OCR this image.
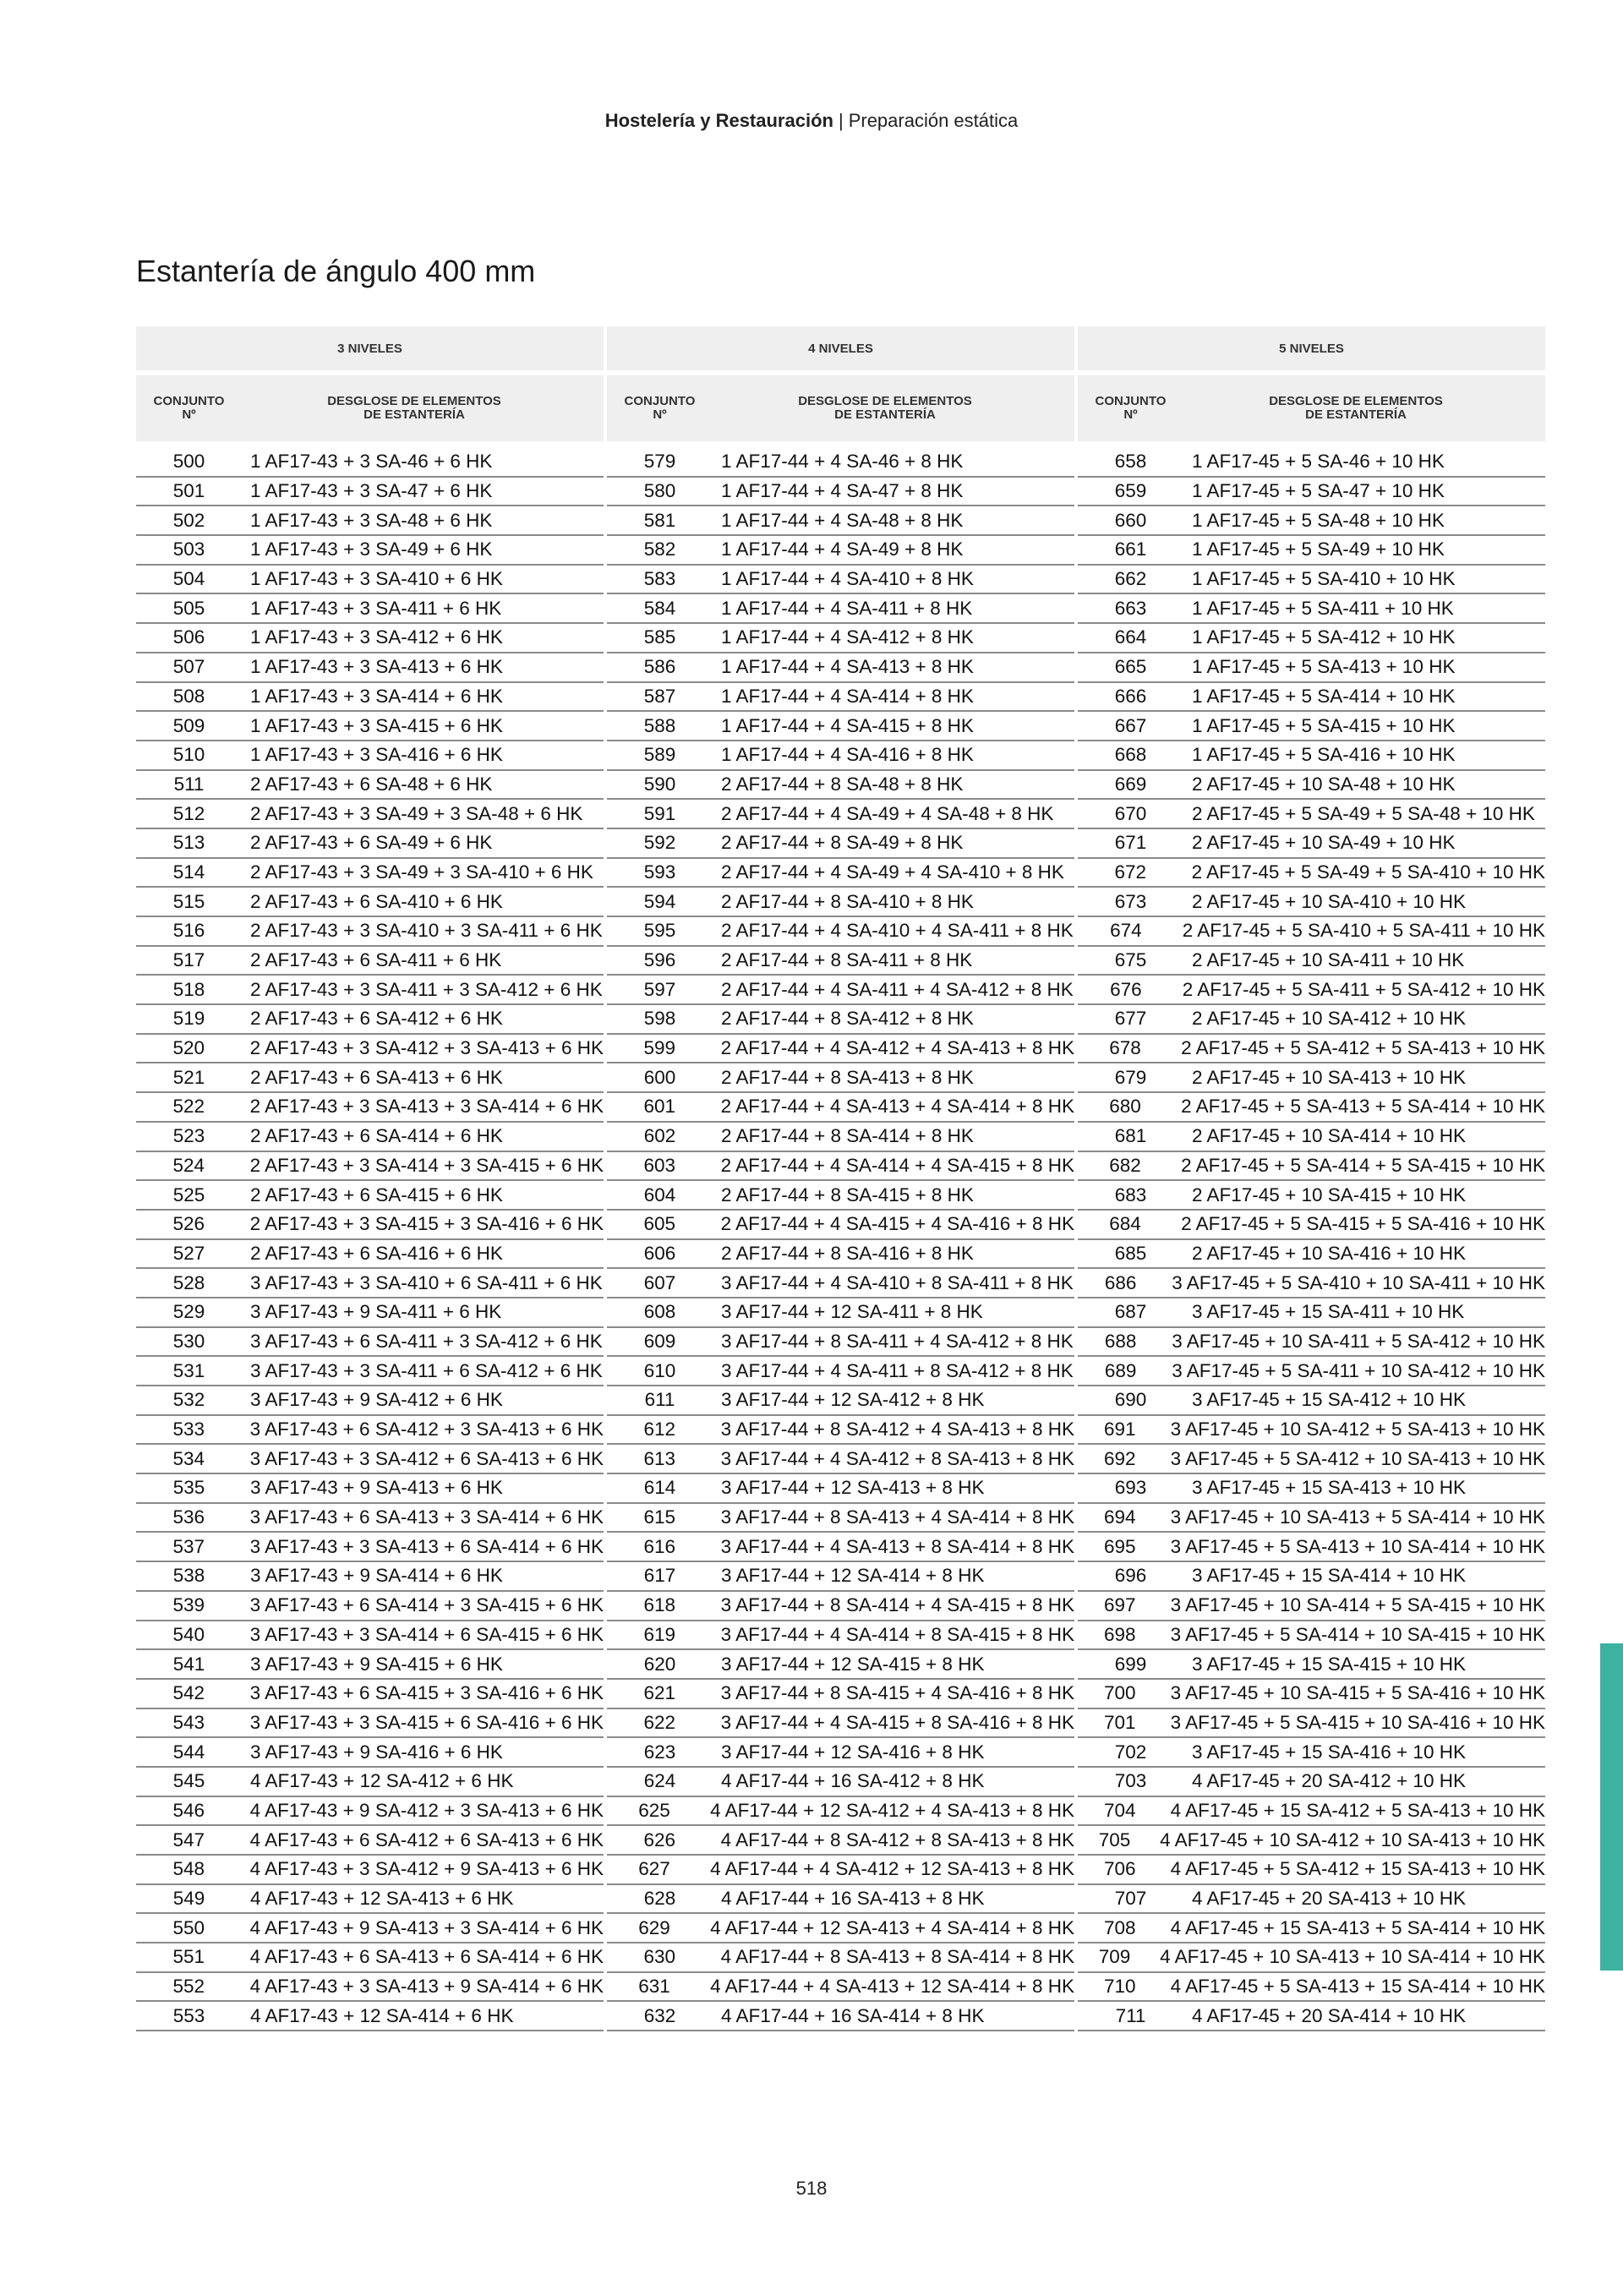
Hostelería y Restauración | Preparación estática
Estantería de ángulo 400 mm
3 NIVELES
CONJUNTO
Nº
DESGLOSE DE ELEMENTOS
DE ESTANTERÍA
500	1 AF17-43 + 3 SA-46 + 6 HK
501	1 AF17-43 + 3 SA-47 + 6 HK
502	1 AF17-43 + 3 SA-48 + 6 HK
503	1 AF17-43 + 3 SA-49 + 6 HK
504	1 AF17-43 + 3 SA-410 + 6 HK
505	1 AF17-43 + 3 SA-411 + 6 HK
506	1 AF17-43 + 3 SA-412 + 6 HK
507	1 AF17-43 + 3 SA-413 + 6 HK
508	1 AF17-43 + 3 SA-414 + 6 HK
509	1 AF17-43 + 3 SA-415 + 6 HK
510	1 AF17-43 + 3 SA-416 + 6 HK
511	2 AF17-43 + 6 SA-48 + 6 HK
512	2 AF17-43 + 3 SA-49 + 3 SA-48 + 6 HK
513	2 AF17-43 + 6 SA-49 + 6 HK
514	2 AF17-43 + 3 SA-49 + 3 SA-410 + 6 HK
515	2 AF17-43 + 6 SA-410 + 6 HK
516	2 AF17-43 + 3 SA-410 + 3 SA-411 + 6 HK
517	2 AF17-43 + 6 SA-411 + 6 HK
518	2 AF17-43 + 3 SA-411 + 3 SA-412 + 6 HK
519	2 AF17-43 + 6 SA-412 + 6 HK
520	2 AF17-43 + 3 SA-412 + 3 SA-413 + 6 HK
521	2 AF17-43 + 6 SA-413 + 6 HK
522	2 AF17-43 + 3 SA-413 + 3 SA-414 + 6 HK
523	2 AF17-43 + 6 SA-414 + 6 HK
524	2 AF17-43 + 3 SA-414 + 3 SA-415 + 6 HK
525	2 AF17-43 + 6 SA-415 + 6 HK
526	2 AF17-43 + 3 SA-415 + 3 SA-416 + 6 HK
527	2 AF17-43 + 6 SA-416 + 6 HK
528	3 AF17-43 + 3 SA-410 + 6 SA-411 + 6 HK
529	3 AF17-43 + 9 SA-411 + 6 HK
530	3 AF17-43 + 6 SA-411 + 3 SA-412 + 6 HK
531	3 AF17-43 + 3 SA-411 + 6 SA-412 + 6 HK
532	3 AF17-43 + 9 SA-412 + 6 HK
533	3 AF17-43 + 6 SA-412 + 3 SA-413 + 6 HK
534	3 AF17-43 + 3 SA-412 + 6 SA-413 + 6 HK
535	3 AF17-43 + 9 SA-413 + 6 HK
536	3 AF17-43 + 6 SA-413 + 3 SA-414 + 6 HK
537	3 AF17-43 + 3 SA-413 + 6 SA-414 + 6 HK
538	3 AF17-43 + 9 SA-414 + 6 HK
539	3 AF17-43 + 6 SA-414 + 3 SA-415 + 6 HK
540	3 AF17-43 + 3 SA-414 + 6 SA-415 + 6 HK
541	3 AF17-43 + 9 SA-415 + 6 HK
542	3 AF17-43 + 6 SA-415 + 3 SA-416 + 6 HK
543	3 AF17-43 + 3 SA-415 + 6 SA-416 + 6 HK
544	3 AF17-43 + 9 SA-416 + 6 HK
545	4 AF17-43 + 12 SA-412 + 6 HK
546	4 AF17-43 + 9 SA-412 + 3 SA-413 + 6 HK
547	4 AF17-43 + 6 SA-412 + 6 SA-413 + 6 HK
548	4 AF17-43 + 3 SA-412 + 9 SA-413 + 6 HK
549	4 AF17-43 + 12 SA-413 + 6 HK
550	4 AF17-43 + 9 SA-413 + 3 SA-414 + 6 HK
551	4 AF17-43 + 6 SA-413 + 6 SA-414 + 6 HK
552	4 AF17-43 + 3 SA-413 + 9 SA-414 + 6 HK
553	4 AF17-43 + 12 SA-414 + 6 HK
4 NIVELES
CONJUNTO
Nº
DESGLOSE DE ELEMENTOS
DE ESTANTERÍA
579	1 AF17-44 + 4 SA-46 + 8 HK
580	1 AF17-44 + 4 SA-47 + 8 HK
581	1 AF17-44 + 4 SA-48 + 8 HK
582	1 AF17-44 + 4 SA-49 + 8 HK
583	1 AF17-44 + 4 SA-410 + 8 HK
584	1 AF17-44 + 4 SA-411 + 8 HK
585	1 AF17-44 + 4 SA-412 + 8 HK
586	1 AF17-44 + 4 SA-413 + 8 HK
587	1 AF17-44 + 4 SA-414 + 8 HK
588	1 AF17-44 + 4 SA-415 + 8 HK
589	1 AF17-44 + 4 SA-416 + 8 HK
590	2 AF17-44 + 8 SA-48 + 8 HK
591	2 AF17-44 + 4 SA-49 + 4 SA-48 + 8 HK
592	2 AF17-44 + 8 SA-49 + 8 HK
593	2 AF17-44 + 4 SA-49 + 4 SA-410 + 8 HK
594	2 AF17-44 + 8 SA-410 + 8 HK
595	2 AF17-44 + 4 SA-410 + 4 SA-411 + 8 HK
596	2 AF17-44 + 8 SA-411 + 8 HK
597	2 AF17-44 + 4 SA-411 + 4 SA-412 + 8 HK
598	2 AF17-44 + 8 SA-412 + 8 HK
599	2 AF17-44 + 4 SA-412 + 4 SA-413 + 8 HK
600	2 AF17-44 + 8 SA-413 + 8 HK
601	2 AF17-44 + 4 SA-413 + 4 SA-414 + 8 HK
602	2 AF17-44 + 8 SA-414 + 8 HK
603	2 AF17-44 + 4 SA-414 + 4 SA-415 + 8 HK
604	2 AF17-44 + 8 SA-415 + 8 HK
605	2 AF17-44 + 4 SA-415 + 4 SA-416 + 8 HK
606	2 AF17-44 + 8 SA-416 + 8 HK
607	3 AF17-44 + 4 SA-410 + 8 SA-411 + 8 HK
608	3 AF17-44 + 12 SA-411 + 8 HK
609	3 AF17-44 + 8 SA-411 + 4 SA-412 + 8 HK
610	3 AF17-44 + 4 SA-411 + 8 SA-412 + 8 HK
611	3 AF17-44 + 12 SA-412 + 8 HK
612	3 AF17-44 + 8 SA-412 + 4 SA-413 + 8 HK
613	3 AF17-44 + 4 SA-412 + 8 SA-413 + 8 HK
614	3 AF17-44 + 12 SA-413 + 8 HK
615	3 AF17-44 + 8 SA-413 + 4 SA-414 + 8 HK
616	3 AF17-44 + 4 SA-413 + 8 SA-414 + 8 HK
617	3 AF17-44 + 12 SA-414 + 8 HK
618	3 AF17-44 + 8 SA-414 + 4 SA-415 + 8 HK
619	3 AF17-44 + 4 SA-414 + 8 SA-415 + 8 HK
620	3 AF17-44 + 12 SA-415 + 8 HK
621	3 AF17-44 + 8 SA-415 + 4 SA-416 + 8 HK
622	3 AF17-44 + 4 SA-415 + 8 SA-416 + 8 HK
623	3 AF17-44 + 12 SA-416 + 8 HK
624	4 AF17-44 + 16 SA-412 + 8 HK
625	4 AF17-44 + 12 SA-412 + 4 SA-413 + 8 HK
626	4 AF17-44 + 8 SA-412 + 8 SA-413 + 8 HK
627	4 AF17-44 + 4 SA-412 + 12 SA-413 + 8 HK
628	4 AF17-44 + 16 SA-413 + 8 HK
629	4 AF17-44 + 12 SA-413 + 4 SA-414 + 8 HK
630	4 AF17-44 + 8 SA-413 + 8 SA-414 + 8 HK
631	4 AF17-44 + 4 SA-413 + 12 SA-414 + 8 HK
632	4 AF17-44 + 16 SA-414 + 8 HK
5 NIVELES
CONJUNTO
Nº
DESGLOSE DE ELEMENTOS
DE ESTANTERÍA
658	1 AF17-45 + 5 SA-46 + 10 HK
659	1 AF17-45 + 5 SA-47 + 10 HK
660	1 AF17-45 + 5 SA-48 + 10 HK
661	1 AF17-45 + 5 SA-49 + 10 HK
662	1 AF17-45 + 5 SA-410 + 10 HK
663	1 AF17-45 + 5 SA-411 + 10 HK
664	1 AF17-45 + 5 SA-412 + 10 HK
665	1 AF17-45 + 5 SA-413 + 10 HK
666	1 AF17-45 + 5 SA-414 + 10 HK
667	1 AF17-45 + 5 SA-415 + 10 HK
668	1 AF17-45 + 5 SA-416 + 10 HK
669	2 AF17-45 + 10 SA-48 + 10 HK
670	2 AF17-45 + 5 SA-49 + 5 SA-48 + 10 HK
671	2 AF17-45 + 10 SA-49 + 10 HK
672	2 AF17-45 + 5 SA-49 + 5 SA-410 + 10 HK
673	2 AF17-45 + 10 SA-410 + 10 HK
674	2 AF17-45 + 5 SA-410 + 5 SA-411 + 10 HK
675	2 AF17-45 + 10 SA-411 + 10 HK
676	2 AF17-45 + 5 SA-411 + 5 SA-412 + 10 HK
677	2 AF17-45 + 10 SA-412 + 10 HK
678	2 AF17-45 + 5 SA-412 + 5 SA-413 + 10 HK
679	2 AF17-45 + 10 SA-413 + 10 HK
680	2 AF17-45 + 5 SA-413 + 5 SA-414 + 10 HK
681	2 AF17-45 + 10 SA-414 + 10 HK
682	2 AF17-45 + 5 SA-414 + 5 SA-415 + 10 HK
683	2 AF17-45 + 10 SA-415 + 10 HK
684	2 AF17-45 + 5 SA-415 + 5 SA-416 + 10 HK
685	2 AF17-45 + 10 SA-416 + 10 HK
686	3 AF17-45 + 5 SA-410 + 10 SA-411 + 10 HK
687	3 AF17-45 + 15 SA-411 + 10 HK
688	3 AF17-45 + 10 SA-411 + 5 SA-412 + 10 HK
689	3 AF17-45 + 5 SA-411 + 10 SA-412 + 10 HK
690	3 AF17-45 + 15 SA-412 + 10 HK
691	3 AF17-45 + 10 SA-412 + 5 SA-413 + 10 HK
692	3 AF17-45 + 5 SA-412 + 10 SA-413 + 10 HK
693	3 AF17-45 + 15 SA-413 + 10 HK
694	3 AF17-45 + 10 SA-413 + 5 SA-414 + 10 HK
695	3 AF17-45 + 5 SA-413 + 10 SA-414 + 10 HK
696	3 AF17-45 + 15 SA-414 + 10 HK
697	3 AF17-45 + 10 SA-414 + 5 SA-415 + 10 HK
698	3 AF17-45 + 5 SA-414 + 10 SA-415 + 10 HK
699	3 AF17-45 + 15 SA-415 + 10 HK
700	3 AF17-45 + 10 SA-415 + 5 SA-416 + 10 HK
701	3 AF17-45 + 5 SA-415 + 10 SA-416 + 10 HK
702	3 AF17-45 + 15 SA-416 + 10 HK
703	4 AF17-45 + 20 SA-412 + 10 HK
704	4 AF17-45 + 15 SA-412 + 5 SA-413 + 10 HK
705	4 AF17-45 + 10 SA-412 + 10 SA-413 + 10 HK
706	4 AF17-45 + 5 SA-412 + 15 SA-413 + 10 HK
707	4 AF17-45 + 20 SA-413 + 10 HK
708	4 AF17-45 + 15 SA-413 + 5 SA-414 + 10 HK
709	4 AF17-45 + 10 SA-413 + 10 SA-414 + 10 HK
710	4 AF17-45 + 5 SA-413 + 15 SA-414 + 10 HK
711	4 AF17-45 + 20 SA-414 + 10 HK
518
